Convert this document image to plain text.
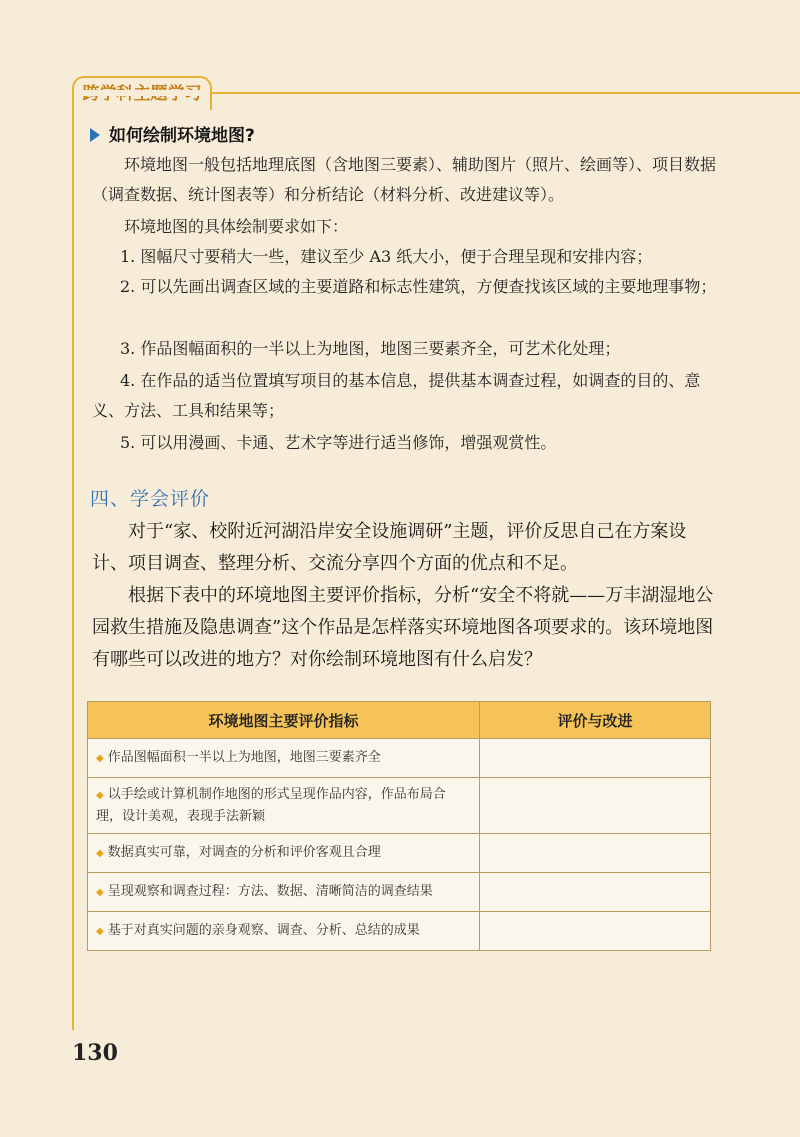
如何绘制环境地图?
环境地图一般包括地理底图（含地图三要素）、辅助图片（照片、绘画等）、项目数据（调查数据、统计图表等）和分析结论（材料分析、改进建议等）。
环境地图的具体绘制要求如下：
1. 图幅尺寸要稍大一些，建议至少 A3 纸大小，便于合理呈现和安排内容；
2. 可以先画出调查区域的主要道路和标志性建筑，方便查找该区域的主要地理事物；
3. 作品图幅面积的一半以上为地图，地图三要素齐全，可艺术化处理；
4. 在作品的适当位置填写项目的基本信息，提供基本调查过程，如调查的目的、意义、方法、工具和结果等；
5. 可以用漫画、卡通、艺术字等进行适当修饰，增强观赏性。
四、学会评价
对于“家、校附近河湖沿岸安全设施调研”主题，评价反思自己在方案设计、项目调查、整理分析、交流分享四个方面的优点和不足。
根据下表中的环境地图主要评价指标，分析“安全不将就——万丰湖湿地公园救生措施及隐患调查”这个作品是怎样落实环境地图各项要求的。该环境地图有哪些可以改进的地方？对你绘制环境地图有什么启发？
环境地图主要评价指标	评价与改进
◆ 作品图幅面积一半以上为地图，地图三要素齐全	
◆ 以手绘或计算机制作地图的形式呈现作品内容，作品布局合理，设计美观，表现手法新颖	
◆ 数据真实可靠，对调查的分析和评价客观且合理	
◆ 呈现观察和调查过程：方法、数据、清晰简洁的调查结果	
◆ 基于对真实问题的亲身观察、调查、分析、总结的成果	
130
